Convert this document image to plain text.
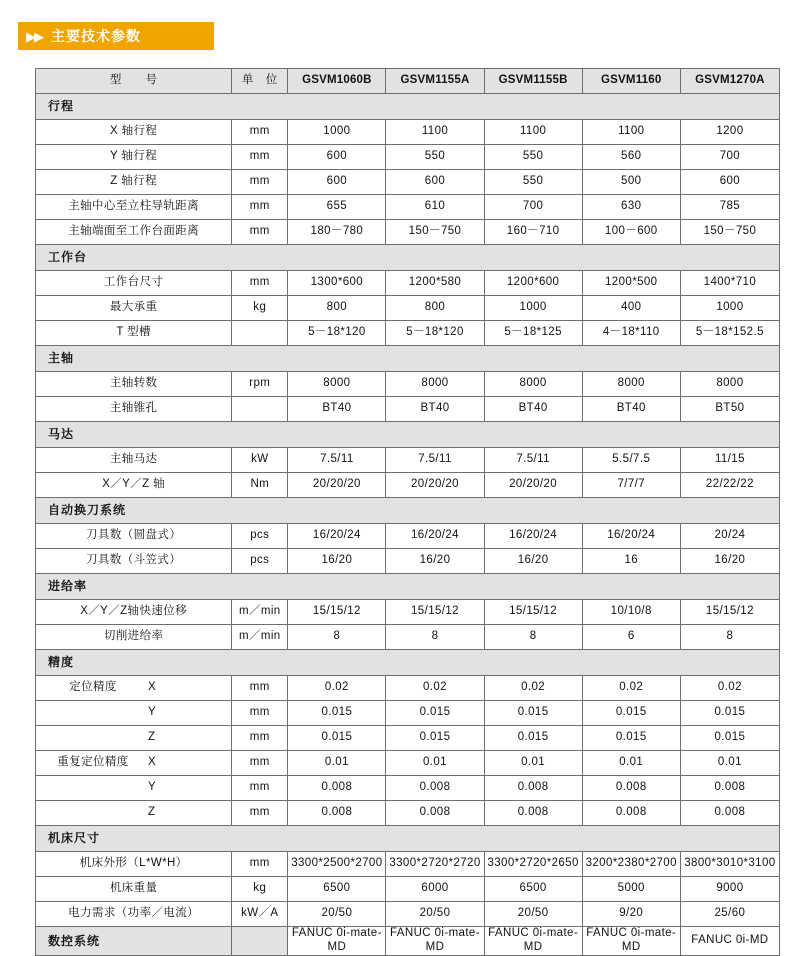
▶▶ 主要技术参数
型　　号	单　位	GSVM1060B	GSVM1155A	GSVM1155B	GSVM1160	GSVM1270A
行程						
X 轴行程	mm	1000	1100	1100	1100	1200
Y 轴行程	mm	600	550	550	560	700
Z 轴行程	mm	600	600	550	500	600
主轴中心至立柱导轨距离	mm	655	610	700	630	785
主轴端面至工作台面距离	mm	180－780	150－750	160－710	100－600	150－750
工作台						
工作台尺寸	mm	1300*600	1200*580	1200*600	1200*500	1400*710
最大承重	kg	800	800	1000	400	1000
T 型槽		5－18*120	5－18*120	5－18*125	4－18*110	5－18*152.5
主轴						
主轴转数	rpm	8000	8000	8000	8000	8000
主轴锥孔		BT40	BT40	BT40	BT40	BT50
马达						
主轴马达	kW	7.5/11	7.5/11	7.5/11	5.5/7.5	11/15
X／Y／Z 轴	Nm	20/20/20	20/20/20	20/20/20	7/7/7	22/22/22
自动换刀系统						
刀具数（圆盘式）	pcs	16/20/24	16/20/24	16/20/24	16/20/24	20/24
刀具数（斗笠式）	pcs	16/20	16/20	16/20	16	16/20
进给率						
X／Y／Z轴快速位移	m／min	15/15/12	15/15/12	15/15/12	10/10/8	15/15/12
切削进给率	m／min	8	8	8	6	8
精度						

定位精度 X	mm	0.02	0.02	0.02	0.02	0.02

Y	mm	0.015	0.015	0.015	0.015	0.015

Z	mm	0.015	0.015	0.015	0.015	0.015

重复定位精度 X	mm	0.01	0.01	0.01	0.01	0.01

Y	mm	0.008	0.008	0.008	0.008	0.008

Z	mm	0.008	0.008	0.008	0.008	0.008
机床尺寸						
机床外形（L*W*H）	mm	3300*2500*2700	3300*2720*2720	3300*2720*2650	3200*2380*2700	3800*3010*3100
机床重量	kg	6500	6000	6500	5000	9000
电力需求（功率／电流）	kW／A	20/50	20/50	20/50	9/20	25/60
数控系统		FANUC 0i-mate-MD	FANUC 0i-mate-MD	FANUC 0i-mate-MD	FANUC 0i-mate-MD	FANUC 0i-MD
